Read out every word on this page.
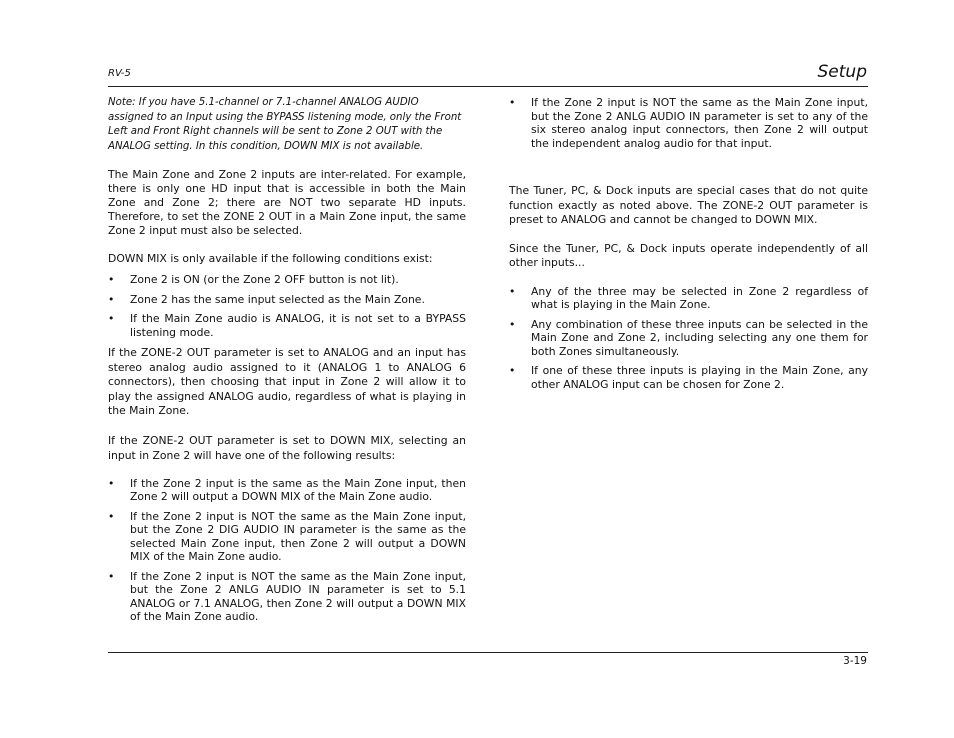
RV-5	Setup

Note: If you have 5.1-channel or 7.1-channel ANALOG AUDIO assigned to an Input using the BYPASS listening mode, only the Front Left and Front Right channels will be sent to Zone 2 OUT with the ANALOG setting. In this condition, DOWN MIX is not available.

The Main Zone and Zone 2 inputs are inter-related. For example, there is only one HD input that is accessible in both the Main Zone and Zone 2; there are NOT two separate HD inputs. Therefore, to set the ZONE 2 OUT in a Main Zone input, the same Zone 2 input must also be selected.

DOWN MIX is only available if the following conditions exist:

• Zone 2 is ON (or the Zone 2 OFF button is not lit).
• Zone 2 has the same input selected as the Main Zone.
• If the Main Zone audio is ANALOG, it is not set to a BYPASS listening mode.

If the ZONE-2 OUT parameter is set to ANALOG and an input has stereo analog audio assigned to it (ANALOG 1 to ANALOG 6 connectors), then choosing that input in Zone 2 will allow it to play the assigned ANALOG audio, regardless of what is playing in the Main Zone.

If the ZONE-2 OUT parameter is set to DOWN MIX, selecting an input in Zone 2 will have one of the following results:

• If the Zone 2 input is the same as the Main Zone input, then Zone 2 will output a DOWN MIX of the Main Zone audio.
• If the Zone 2 input is NOT the same as the Main Zone input, but the Zone 2 DIG AUDIO IN parameter is the same as the selected Main Zone input, then Zone 2 will output a DOWN MIX of the Main Zone audio.
• If the Zone 2 input is NOT the same as the Main Zone input, but the Zone 2 ANLG AUDIO IN parameter is set to 5.1 ANALOG or 7.1 ANALOG, then Zone 2 will output a DOWN MIX of the Main Zone audio.
• If the Zone 2 input is NOT the same as the Main Zone input, but the Zone 2 ANLG AUDIO IN parameter is set to any of the six stereo analog input connectors, then Zone 2 will output the independent analog audio for that input.

The Tuner, PC, & Dock inputs are special cases that do not quite function exactly as noted above. The ZONE-2 OUT parameter is preset to ANALOG and cannot be changed to DOWN MIX.

Since the Tuner, PC, & Dock inputs operate independently of all other inputs...

• Any of the three may be selected in Zone 2 regardless of what is playing in the Main Zone.
• Any combination of these three inputs can be selected in the Main Zone and Zone 2, including selecting any one them for both Zones simultaneously.
• If one of these three inputs is playing in the Main Zone, any other ANALOG input can be chosen for Zone 2.
3-19
